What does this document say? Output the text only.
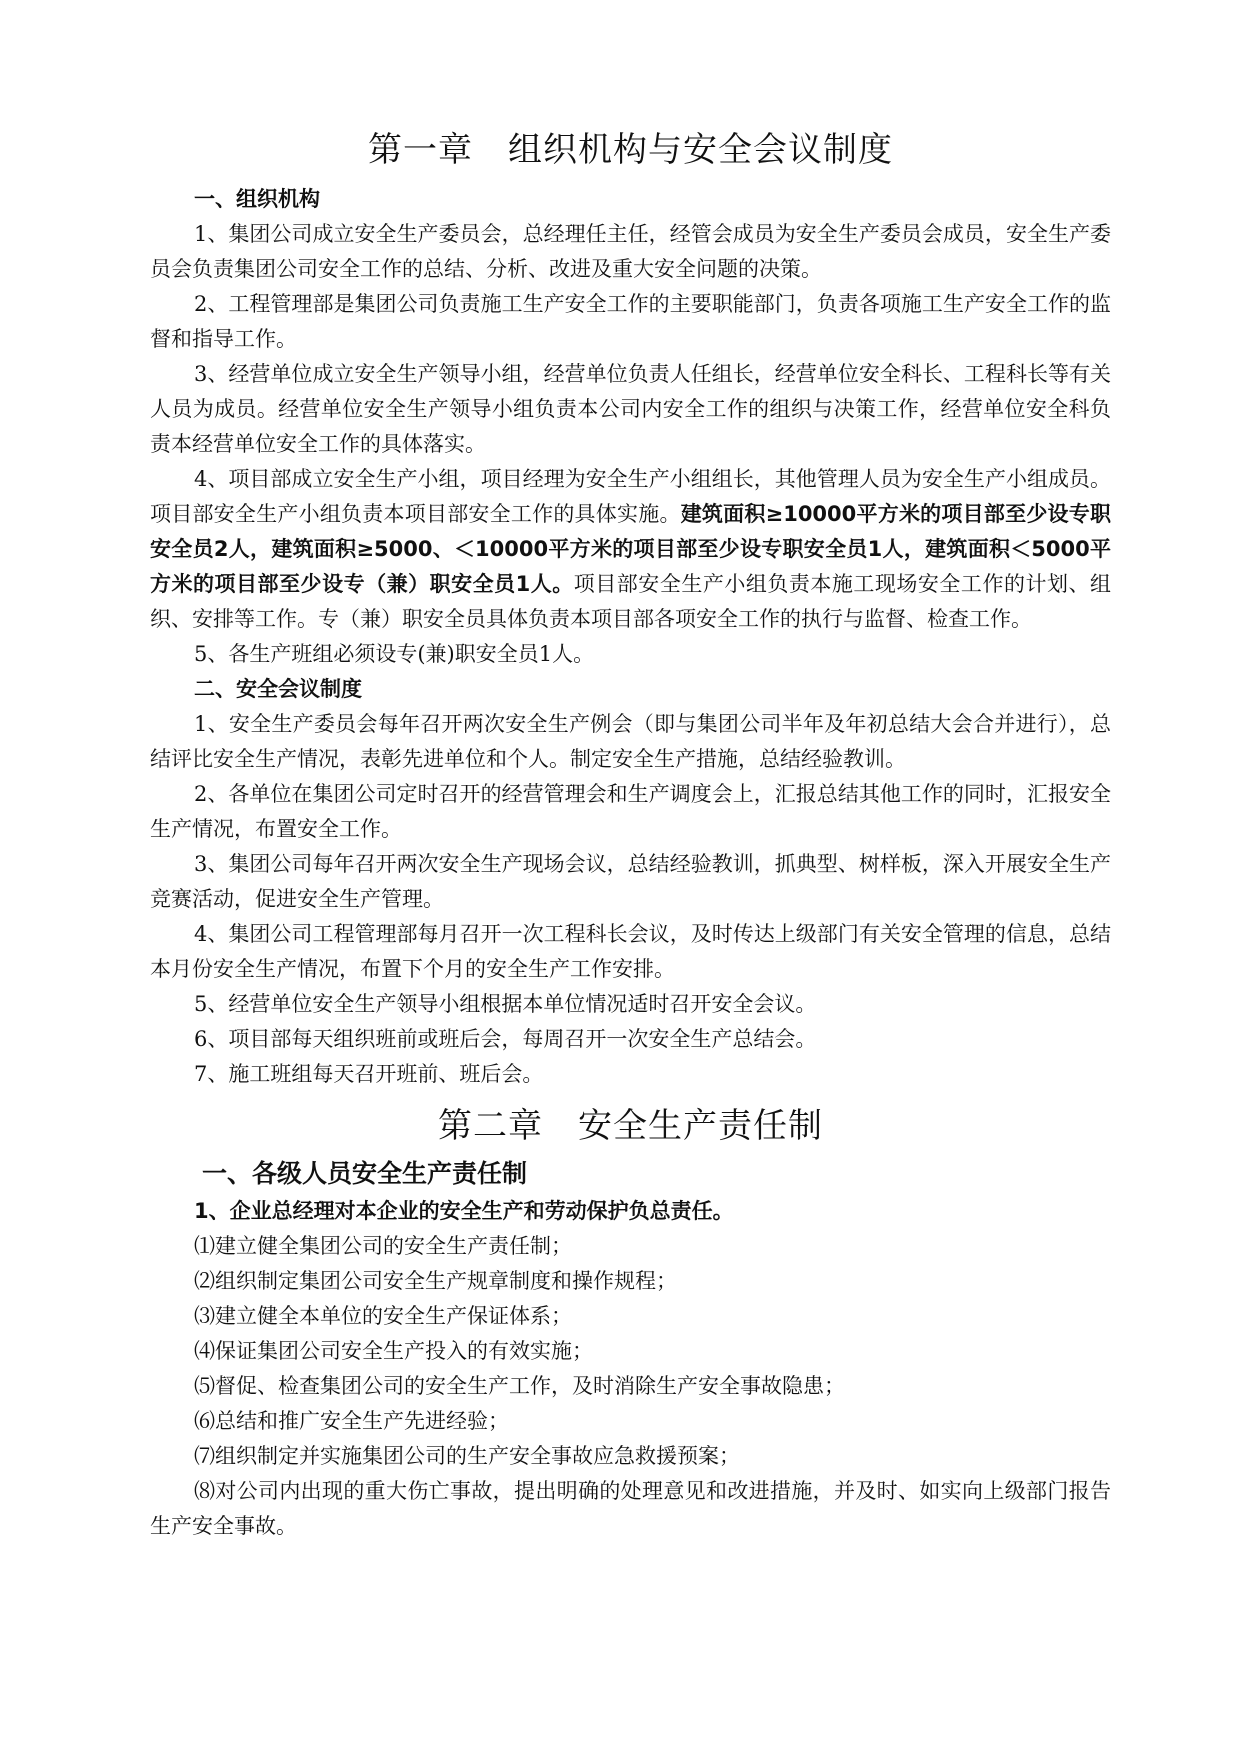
第一章　组织机构与安全会议制度
一、组织机构

1、集团公司成立安全生产委员会，总经理任主任，经管会成员为安全生产委员会成员，安全生产委员会负责集团公司安全工作的总结、分析、改进及重大安全问题的决策。

2、工程管理部是集团公司负责施工生产安全工作的主要职能部门，负责各项施工生产安全工作的监督和指导工作。

3、经营单位成立安全生产领导小组，经营单位负责人任组长，经营单位安全科长、工程科长等有关人员为成员。经营单位安全生产领导小组负责本公司内安全工作的组织与决策工作，经营单位安全科负责本经营单位安全工作的具体落实。

4、项目部成立安全生产小组，项目经理为安全生产小组组长，其他管理人员为安全生产小组成员。项目部安全生产小组负责本项目部安全工作的具体实施。建筑面积≥10000平方米的项目部至少设专职安全员2人，建筑面积≥5000、＜10000平方米的项目部至少设专职安全员1人，建筑面积＜5000平方米的项目部至少设专（兼）职安全员1人。项目部安全生产小组负责本施工现场安全工作的计划、组织、安排等工作。专（兼）职安全员具体负责本项目部各项安全工作的执行与监督、检查工作。

5、各生产班组必须设专(兼)职安全员1人。

二、安全会议制度

1、安全生产委员会每年召开两次安全生产例会（即与集团公司半年及年初总结大会合并进行），总结评比安全生产情况，表彰先进单位和个人。制定安全生产措施，总结经验教训。

2、各单位在集团公司定时召开的经营管理会和生产调度会上，汇报总结其他工作的同时，汇报安全生产情况，布置安全工作。

3、集团公司每年召开两次安全生产现场会议，总结经验教训，抓典型、树样板，深入开展安全生产竞赛活动，促进安全生产管理。

4、集团公司工程管理部每月召开一次工程科长会议，及时传达上级部门有关安全管理的信息，总结本月份安全生产情况，布置下个月的安全生产工作安排。

5、经营单位安全生产领导小组根据本单位情况适时召开安全会议。

6、项目部每天组织班前或班后会，每周召开一次安全生产总结会。

7、施工班组每天召开班前、班后会。

第二章　安全生产责任制
一、各级人员安全生产责任制
1、企业总经理对本企业的安全生产和劳动保护负总责任。

⑴建立健全集团公司的安全生产责任制；

⑵组织制定集团公司安全生产规章制度和操作规程；

⑶建立健全本单位的安全生产保证体系；

⑷保证集团公司安全生产投入的有效实施；

⑸督促、检查集团公司的安全生产工作，及时消除生产安全事故隐患；

⑹总结和推广安全生产先进经验；

⑺组织制定并实施集团公司的生产安全事故应急救援预案；

⑻对公司内出现的重大伤亡事故，提出明确的处理意见和改进措施，并及时、如实向上级部门报告生产安全事故。
